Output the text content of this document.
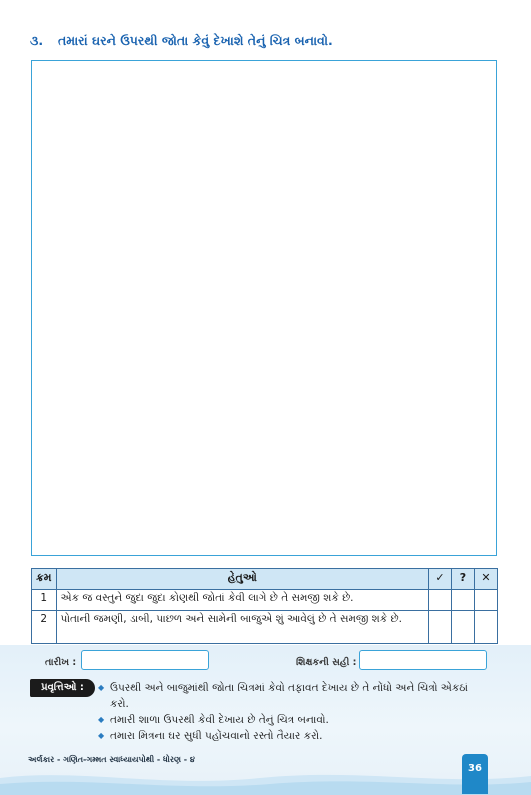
૩. તમારાં ઘરને ઉપરથી જોતા કેવું દેખાશે તેનું ચિત્ર બનાવો.
ક્રમ	હેતુઓ	✓	?	✕
1	એક જ વસ્તુને જુદા જુદા કોણથી જોતાં કેવી લાગે છે તે સમજી શકે છે.			
2	પોતાની જમણી, ડાબી, પાછળ અને સામેની બાજુએ શું આવેલું છે તે સમજી શકે છે.			
તારીખ :	શિક્ષકની સહી :
પ્રવૃત્તિઓ :	◆ ઉપરથી અને બાજુમાંથી જોતા ચિત્રમાં કેવો તફાવત દેખાય છે તે નોંધો અને ચિત્રો એકઠાં કરો.
◆ તમારી શાળા ઉપરથી કેવી દેખાય છે તેનું ચિત્ર બનાવો.
◆ તમારા મિત્રના ઘર સુધી પહોંચવાનો રસ્તો તૈયાર કરો.
અર્લકાર - ગણિત-ગમ્મત સ્વાધ્યાયપોથી - ધોરણ - ૪
36
